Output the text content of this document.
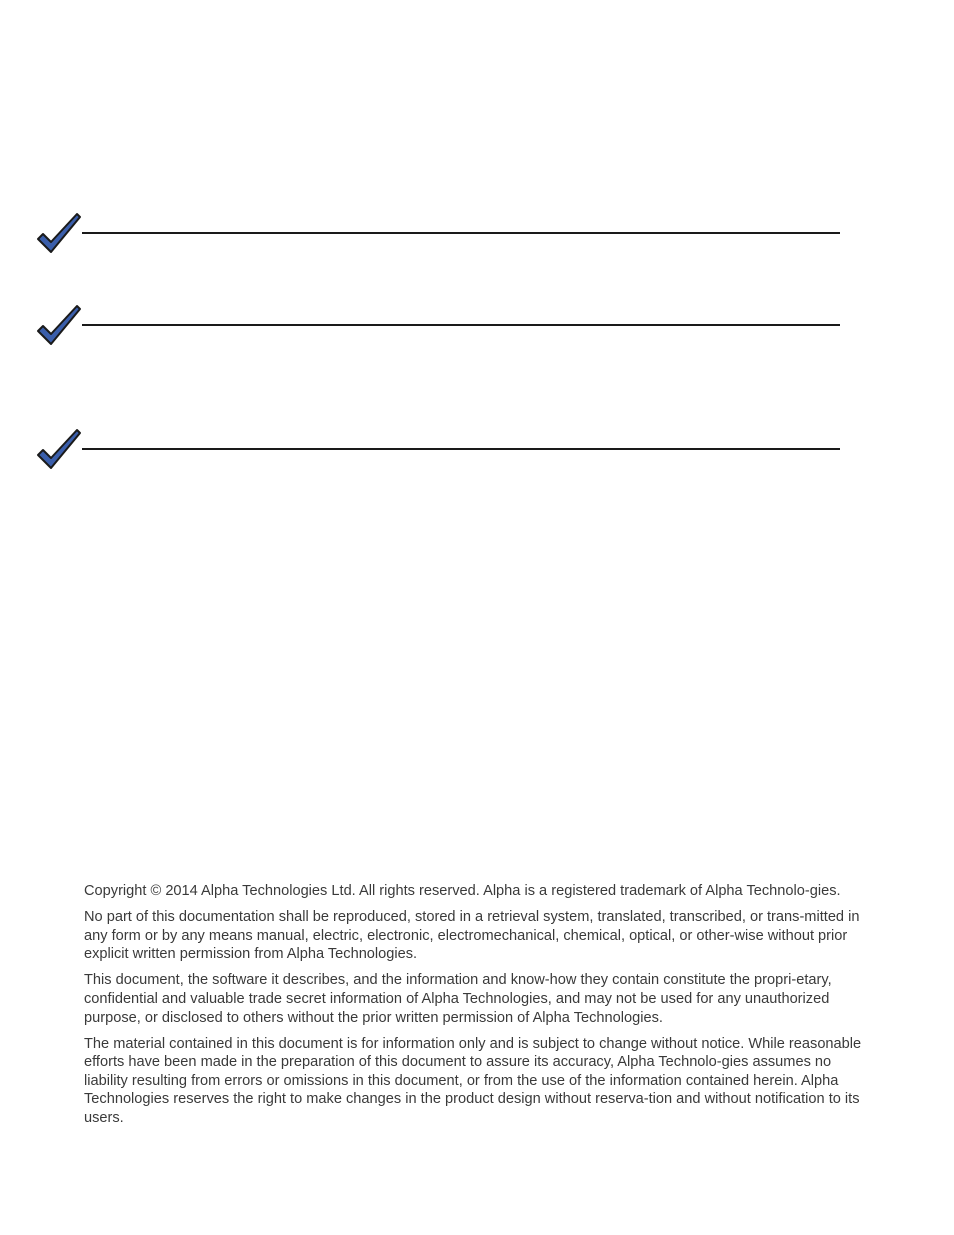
Copyright © 2014 Alpha Technologies Ltd. All rights reserved. Alpha is a registered trademark of Alpha Technolo-gies.

No part of this documentation shall be reproduced, stored in a retrieval system, translated, transcribed, or trans-mitted in any form or by any means manual, electric, electronic, electromechanical, chemical, optical, or other-wise without prior explicit written permission from Alpha Technologies.

This document, the software it describes, and the information and know-how they contain constitute the propri-etary, confidential and valuable trade secret information of Alpha Technologies, and may not be used for any unauthorized purpose, or disclosed to others without the prior written permission of Alpha Technologies.

The material contained in this document is for information only and is subject to change without notice. While reasonable efforts have been made in the preparation of this document to assure its accuracy, Alpha Technolo-gies assumes no liability resulting from errors or omissions in this document, or from the use of the information contained herein. Alpha Technologies reserves the right to make changes in the product design without reserva-tion and without notification to its users.
